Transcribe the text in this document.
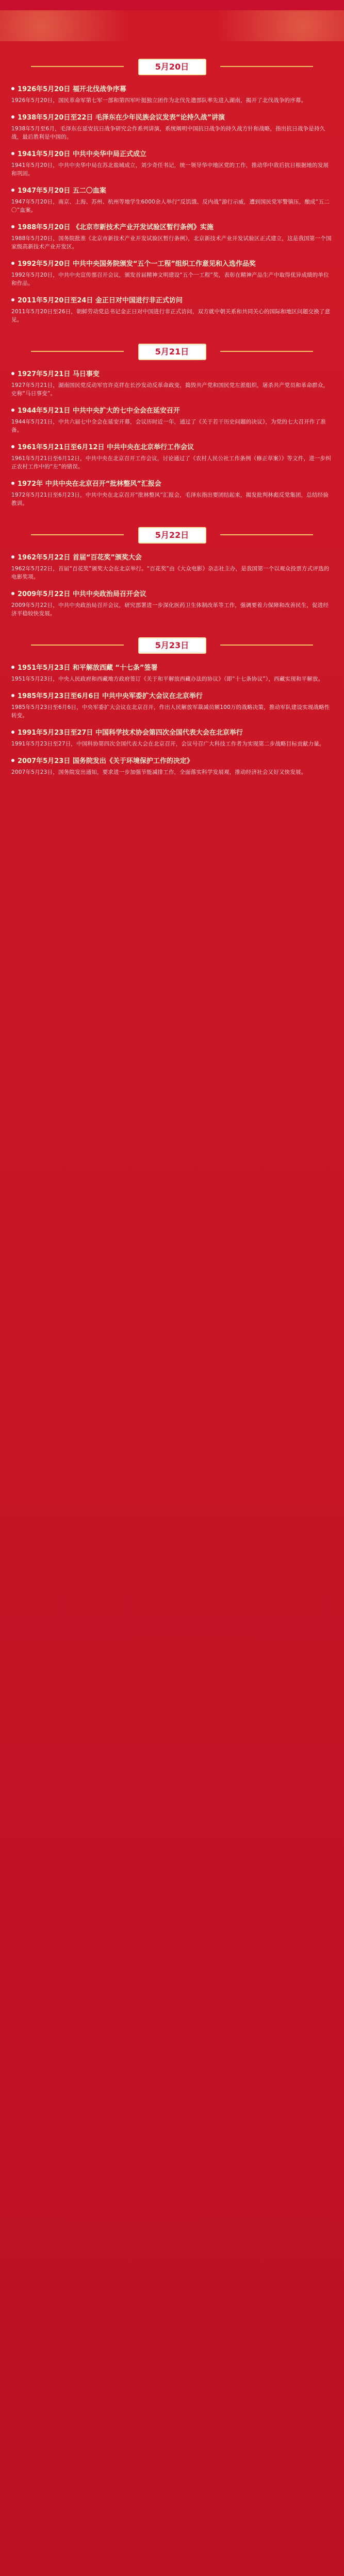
5月20日
1926年5月20日 福开北伐战争序幕
1926年5月20日，国民革命军第七军一部和第四军叶挺独立团作为北伐先遣部队率先进入湖南，揭开了北伐战争的序幕。
1938年5月20日至22日 毛泽东在少年民族会议发表“论持久战”讲演
1938年5月至6月，毛泽东在延安抗日战争研究会作系列讲演，系统阐明中国抗日战争的持久战方针和战略，指出抗日战争是持久战，最后胜利是中国的。
1941年5月20日 中共中央华中局正式成立
1941年5月20日，中共中央华中局在苏北盐城成立，刘少奇任书记，统一领导华中地区党的工作，推动华中敌后抗日根据地的发展和巩固。
1947年5月20日 五二〇血案
1947年5月20日，南京、上海、苏州、杭州等地学生6000余人举行“反饥饿、反内战”游行示威，遭到国民党军警镇压，酿成“五二〇”血案。
1988年5月20日 《北京市新技术产业开发试验区暂行条例》实施
1988年5月20日，国务院批准《北京市新技术产业开发试验区暂行条例》，北京新技术产业开发试验区正式建立，这是我国第一个国家级高新技术产业开发区。
1992年5月20日 中共中央国务院颁发“五个一工程”组织工作意见和入选作品奖
1992年5月20日，中共中央宣传部召开会议，颁发首届精神文明建设“五个一工程”奖，表彰在精神产品生产中取得优异成绩的单位和作品。
2011年5月20日至24日 金正日对中国进行非正式访问
2011年5月20日至26日，朝鲜劳动党总书记金正日对中国进行非正式访问，双方就中朝关系和共同关心的国际和地区问题交换了意见。
5月21日
1927年5月21日 马日事变
1927年5月21日，湖南国民党反动军官许克祥在长沙发动反革命政变，捣毁共产党和国民党左派组织，屠杀共产党员和革命群众，史称“马日事变”。
1944年5月21日 中共中央扩大的七中全会在延安召开
1944年5月21日，中共六届七中全会在延安开幕，会议历时近一年，通过了《关于若干历史问题的决议》，为党的七大召开作了准备。
1961年5月21日至6月12日 中共中央在北京举行工作会议
1961年5月21日至6月12日，中共中央在北京召开工作会议，讨论通过了《农村人民公社工作条例（修正草案）》等文件，进一步纠正农村工作中的“左”的错误。
1972年 中共中央在北京召开“批林整风”汇报会
1972年5月21日至6月23日，中共中央在北京召开“批林整风”汇报会，毛泽东指出要团结起来，揭发批判林彪反党集团，总结经验教训。
5月22日
1962年5月22日 首届“百花奖”颁奖大会
1962年5月22日，首届“百花奖”颁奖大会在北京举行。“百花奖”由《大众电影》杂志社主办，是我国第一个以观众投票方式评选的电影奖项。
2009年5月22日 中共中央政治局召开会议
2009年5月22日，中共中央政治局召开会议，研究部署进一步深化医药卫生体制改革等工作，强调要着力保障和改善民生，促进经济平稳较快发展。
5月23日
1951年5月23日 和平解放西藏 “十七条”签署
1951年5月23日，中央人民政府和西藏地方政府签订《关于和平解放西藏办法的协议》（即“十七条协议”），西藏实现和平解放。
1985年5月23日至6月6日 中共中央军委扩大会议在北京举行
1985年5月23日至6月6日，中央军委扩大会议在北京召开，作出人民解放军裁减员额100万的战略决策，推动军队建设实现战略性转变。
1991年5月23日至27日 中国科学技术协会第四次全国代表大会在北京举行
1991年5月23日至27日，中国科协第四次全国代表大会在北京召开，会议号召广大科技工作者为实现第二步战略目标贡献力量。
2007年5月23日 国务院发出《关于环境保护工作的决定》
2007年5月23日，国务院发出通知，要求进一步加强节能减排工作，全面落实科学发展观，推动经济社会又好又快发展。
